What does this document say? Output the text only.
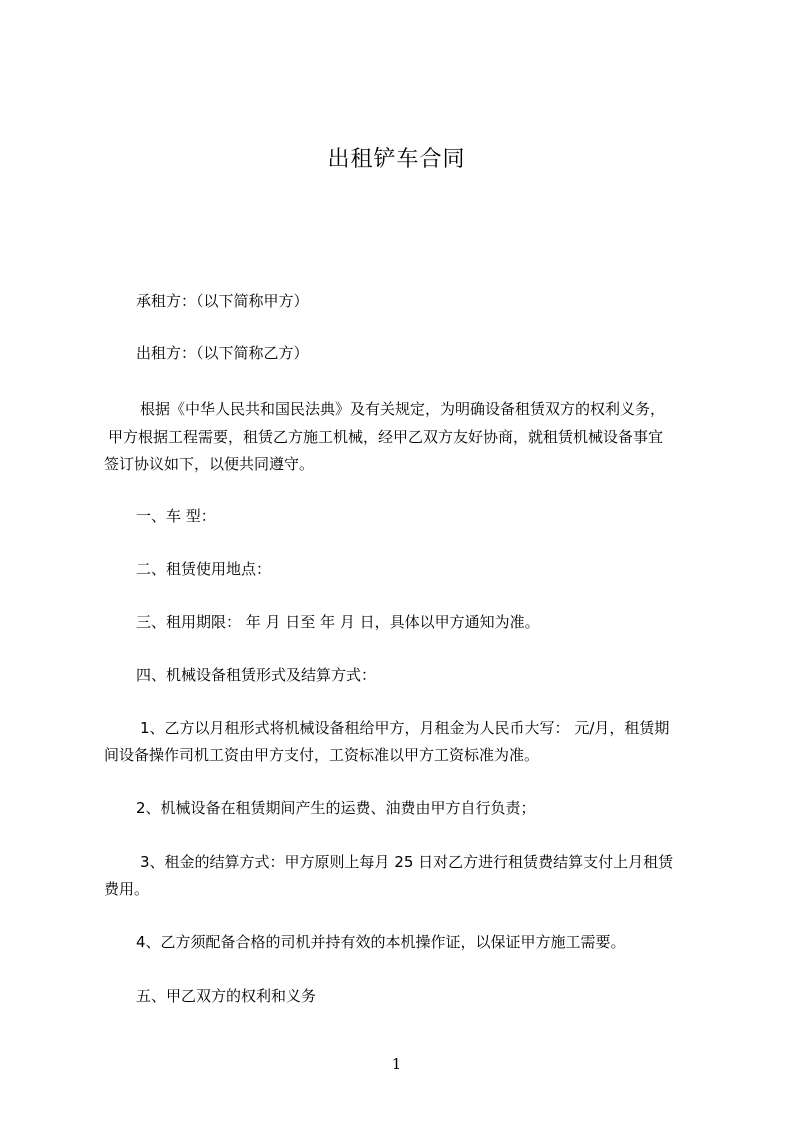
出租铲车合同
承租方：（以下简称甲方）
出租方：（以下简称乙方）
根据《中华人民共和国民法典》及有关规定，为明确设备租赁双方的权利义务，
甲方根据工程需要，租赁乙方施工机械，经甲乙双方友好协商，就租赁机械设备事宜
签订协议如下，以便共同遵守。
一、车 型：
二、租赁使用地点：
三、租用期限： 年 月 日至 年 月 日，具体以甲方通知为准。
四、机械设备租赁形式及结算方式：
1、乙方以月租形式将机械设备租给甲方，月租金为人民币大写： 元/月，租赁期
间设备操作司机工资由甲方支付，工资标准以甲方工资标准为准。
2、机械设备在租赁期间产生的运费、油费由甲方自行负责；
3、租金的结算方式：甲方原则上每月 25 日对乙方进行租赁费结算支付上月租赁
费用。
4、乙方须配备合格的司机并持有效的本机操作证，以保证甲方施工需要。
五、甲乙双方的权利和义务
1
